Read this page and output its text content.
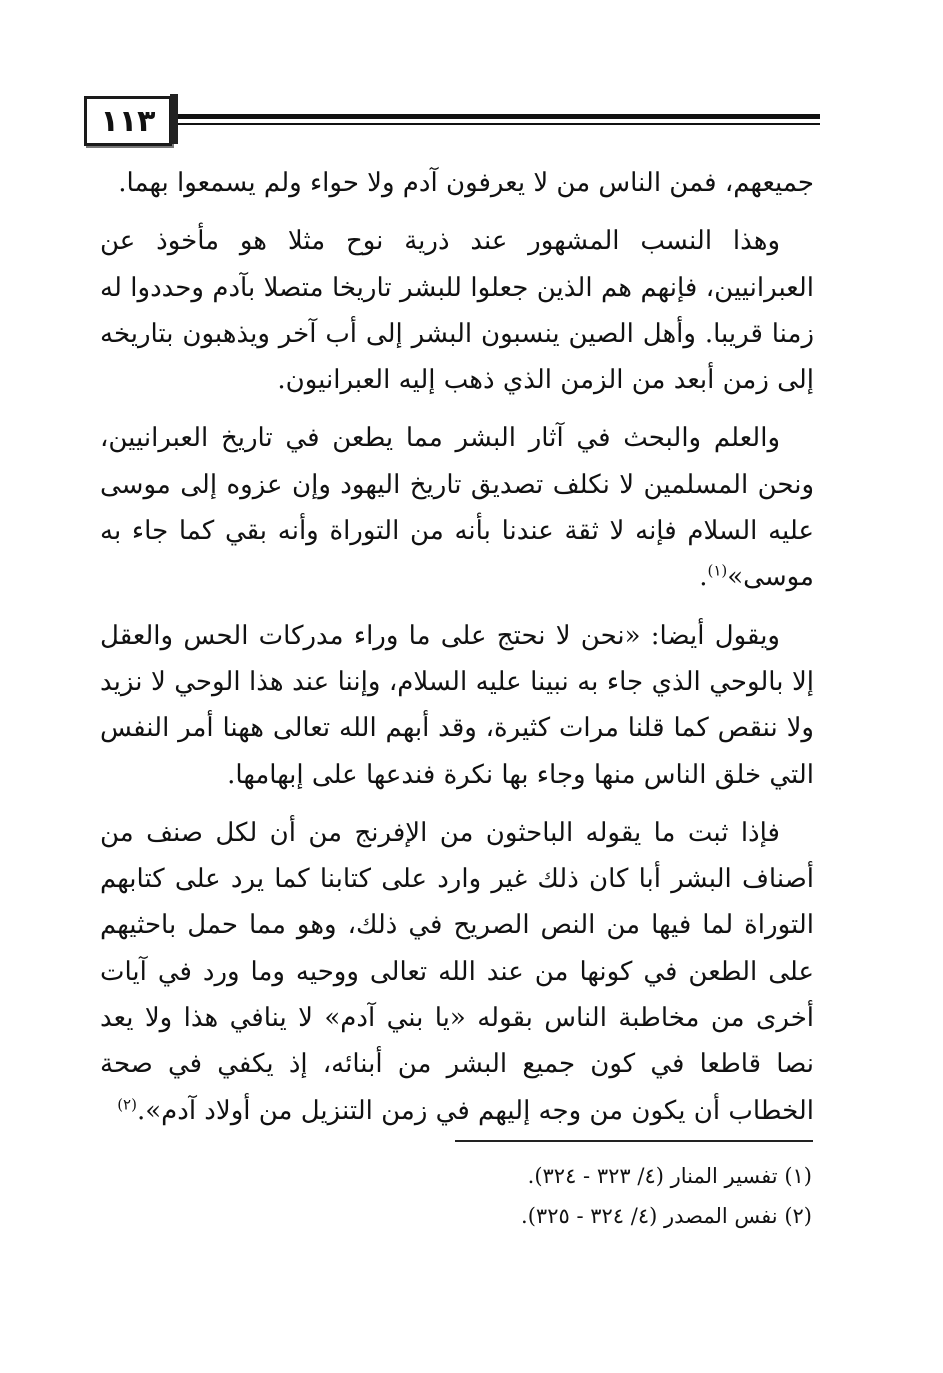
١١٣

جميعهم، فمن الناس من لا يعرفون آدم ولا حواء ولم يسمعوا بهما.

وهذا النسب المشهور عند ذرية نوح مثلا هو مأخوذ عن العبرانيين، فإنهم هم الذين جعلوا للبشر تاريخا متصلا بآدم وحددوا له زمنا قريبا. وأهل الصين ينسبون البشر إلى أب آخر ويذهبون بتاريخه إلى زمن أبعد من الزمن الذي ذهب إليه العبرانيون.

والعلم والبحث في آثار البشر مما يطعن في تاريخ العبرانيين، ونحن المسلمين لا نكلف تصديق تاريخ اليهود وإن عزوه إلى موسى عليه السلام فإنه لا ثقة عندنا بأنه من التوراة وأنه بقي كما جاء به موسى»$^{(١)}$.

ويقول أيضا: «نحن لا نحتج على ما وراء مدركات الحس والعقل إلا بالوحي الذي جاء به نبينا عليه السلام، وإننا عند هذا الوحي لا نزيد ولا ننقص كما قلنا مرات كثيرة، وقد أبهم الله تعالى ههنا أمر النفس التي خلق الناس منها وجاء بها نكرة فندعها على إبهامها.

فإذا ثبت ما يقوله الباحثون من الإفرنج من أن لكل صنف من أصناف البشر أبا كان ذلك غير وارد على كتابنا كما يرد على كتابهم التوراة لما فيها من النص الصريح في ذلك، وهو مما حمل باحثيهم على الطعن في كونها من عند الله تعالى ووحيه وما ورد في آيات أخرى من مخاطبة الناس بقوله «يا بني آدم» لا ينافي هذا ولا يعد نصا قاطعا في كون جميع البشر من أبنائه، إذ يكفي في صحة الخطاب أن يكون من وجه إليهم في زمن التنزيل من أولاد آدم».$^{(٢)}$

(١) تفسير المنار (٤/ ٣٢٣ - ٣٢٤).
(٢) نفس المصدر (٤/ ٣٢٤ - ٣٢٥).
